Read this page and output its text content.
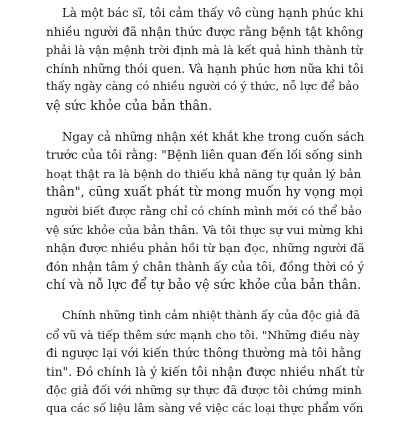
Là một bác sĩ, tôi cảm thấy vô cùng hạnh phúc khi
nhiều người đã nhận thức được rằng bệnh tật không
phải là vận mệnh trời định mà là kết quả hình thành từ
chính những thói quen. Và hạnh phúc hơn nữa khi tôi
thấy ngày càng có nhiều người có ý thức, nỗ lực để bảo
vệ sức khỏe của bản thân.

Ngay cả những nhận xét khắt khe trong cuốn sách
trước của tôi rằng: "Bệnh liên quan đến lối sống sinh
hoạt thật ra là bệnh do thiếu khả năng tự quản lý bản
thân", cũng xuất phát từ mong muốn hy vọng mọi
người biết được rằng chỉ có chính mình mới có thể bảo
vệ sức khỏe của bản thân. Và tôi thực sự vui mừng khi
nhận được nhiều phản hồi từ bạn đọc, những người đã
đón nhận tâm ý chân thành ấy của tôi, đồng thời có ý
chí và nỗ lực để tự bảo vệ sức khỏe của bản thân.

Chính những tình cảm nhiệt thành ấy của độc giả đã
cổ vũ và tiếp thêm sức mạnh cho tôi. "Những điều này
đi ngược lại với kiến thức thông thường mà tôi hằng
tin". Đó chính là ý kiến tôi nhận được nhiều nhất từ
độc giả đối với những sự thực đã được tôi chứng minh
qua các số liệu lâm sàng về việc các loại thực phẩm vốn
